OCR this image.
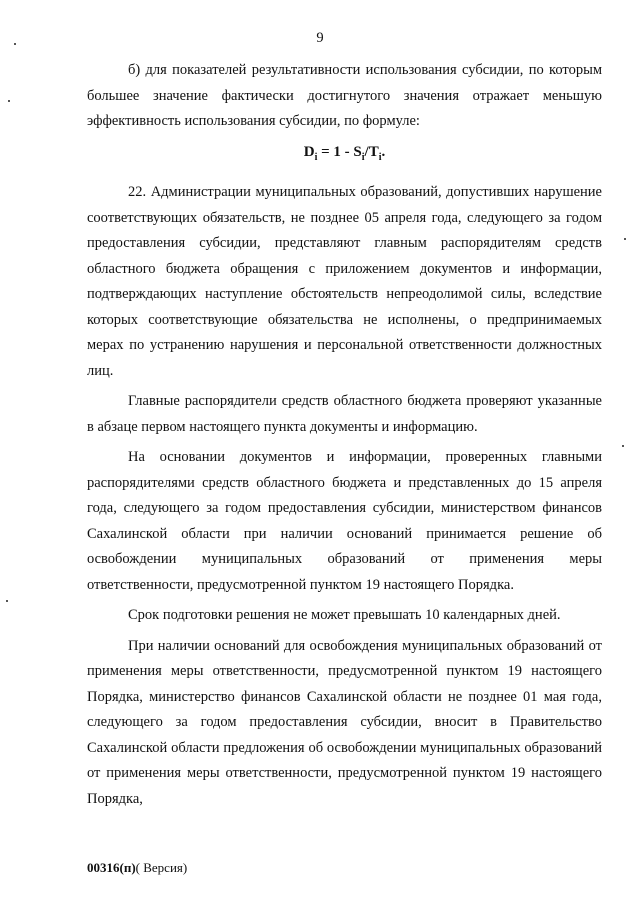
9

б) для показателей результативности использования субсидии, по которым большее значение фактически достигнутого значения отражает меньшую эффективность использования субсидии, по формуле:

$D_i = 1 - S_i/T_i$.

22. Администрации муниципальных образований, допустивших нарушение соответствующих обязательств, не позднее 05 апреля года, следующего за годом предоставления субсидии, представляют главным распорядителям средств областного бюджета обращения с приложением документов и информации, подтверждающих наступление обстоятельств непреодолимой силы, вследствие которых соответствующие обязательства не исполнены, о предпринимаемых мерах по устранению нарушения и персональной ответственности должностных лиц.

Главные распорядители средств областного бюджета проверяют указанные в абзаце первом настоящего пункта документы и информацию.

На основании документов и информации, проверенных главными распорядителями средств областного бюджета и представленных до 15 апреля года, следующего за годом предоставления субсидии, министерством финансов Сахалинской области при наличии оснований принимается решение об освобождении муниципальных образований от применения меры ответственности, предусмотренной пунктом 19 настоящего Порядка.

Срок подготовки решения не может превышать 10 календарных дней.

При наличии оснований для освобождения муниципальных образований от применения меры ответственности, предусмотренной пунктом 19 настоящего Порядка, министерство финансов Сахалинской области не позднее 01 мая года, следующего за годом предоставления субсидии, вносит в Правительство Сахалинской области предложения об освобождении муниципальных образований от применения меры ответственности, предусмотренной пунктом 19 настоящего Порядка,

00316(п)( Версия)
